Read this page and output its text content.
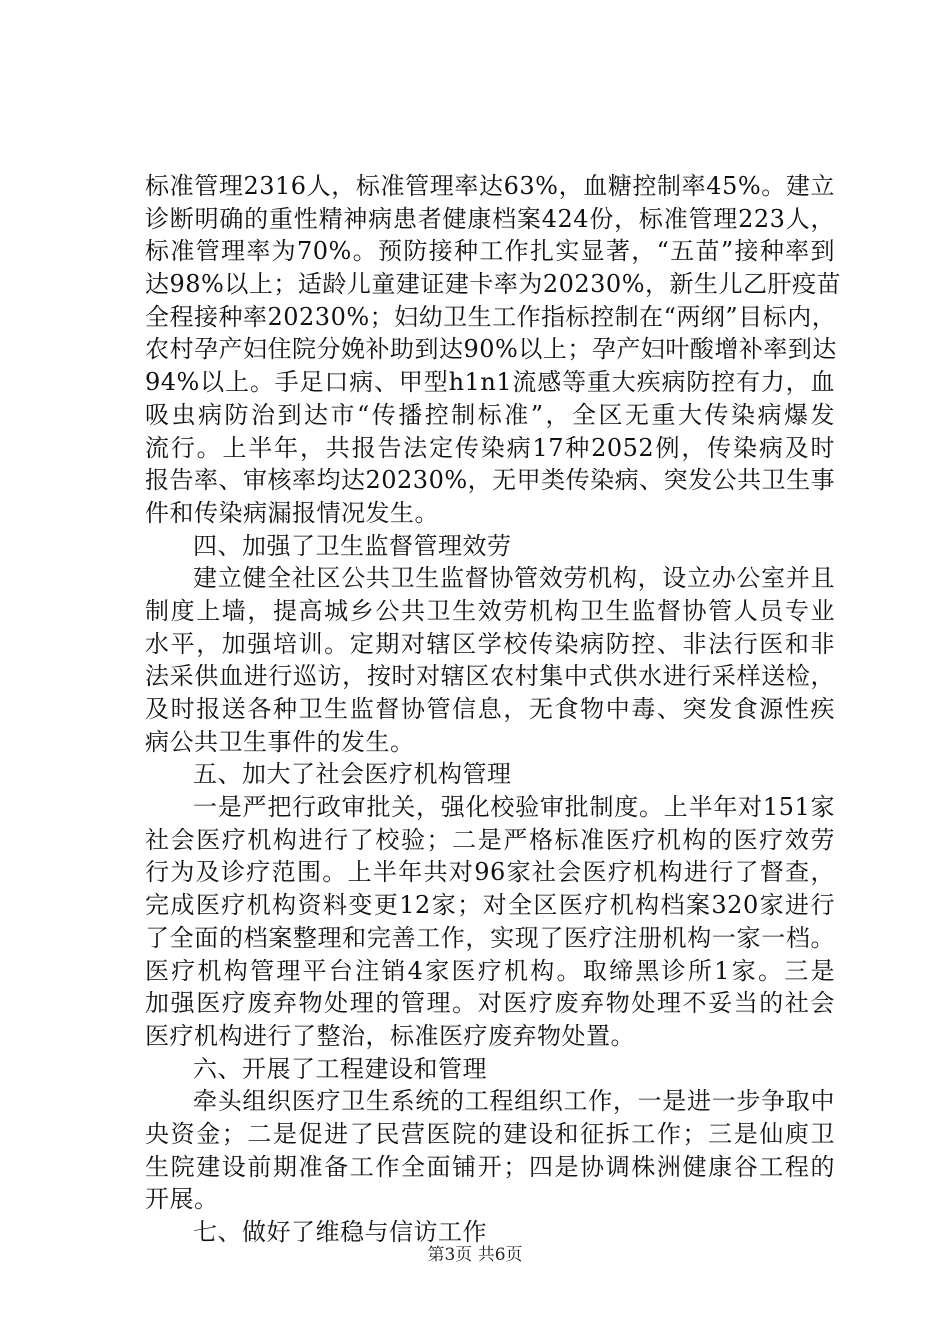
标准管理2316人，标准管理率达63%，血糖控制率45%。建立
诊断明确的重性精神病患者健康档案424份，标准管理223人，
标准管理率为70%。预防接种工作扎实显著，“五苗”接种率到
达98%以上；适龄儿童建证建卡率为20230%，新生儿乙肝疫苗
全程接种率20230%；妇幼卫生工作指标控制在“两纲”目标内，
农村孕产妇住院分娩补助到达90%以上；孕产妇叶酸增补率到达
94%以上。手足口病、甲型h1n1流感等重大疾病防控有力，血
吸虫病防治到达市“传播控制标准”，全区无重大传染病爆发
流行。上半年，共报告法定传染病17种2052例，传染病及时
报告率、审核率均达20230%，无甲类传染病、突发公共卫生事
件和传染病漏报情况发生。
四、加强了卫生监督管理效劳
建立健全社区公共卫生监督协管效劳机构，设立办公室并且
制度上墙，提高城乡公共卫生效劳机构卫生监督协管人员专业
水平，加强培训。定期对辖区学校传染病防控、非法行医和非
法采供血进行巡访，按时对辖区农村集中式供水进行采样送检，
及时报送各种卫生监督协管信息，无食物中毒、突发食源性疾
病公共卫生事件的发生。
五、加大了社会医疗机构管理
一是严把行政审批关，强化校验审批制度。上半年对151家
社会医疗机构进行了校验；二是严格标准医疗机构的医疗效劳
行为及诊疗范围。上半年共对96家社会医疗机构进行了督查，
完成医疗机构资料变更12家；对全区医疗机构档案320家进行
了全面的档案整理和完善工作，实现了医疗注册机构一家一档。
医疗机构管理平台注销4家医疗机构。取缔黑诊所1家。三是
加强医疗废弃物处理的管理。对医疗废弃物处理不妥当的社会
医疗机构进行了整治，标准医疗废弃物处置。
六、开展了工程建设和管理
牵头组织医疗卫生系统的工程组织工作，一是进一步争取中
央资金；二是促进了民营医院的建设和征拆工作；三是仙庾卫
生院建设前期准备工作全面铺开；四是协调株洲健康谷工程的
开展。
七、做好了维稳与信访工作
第3页 共6页
